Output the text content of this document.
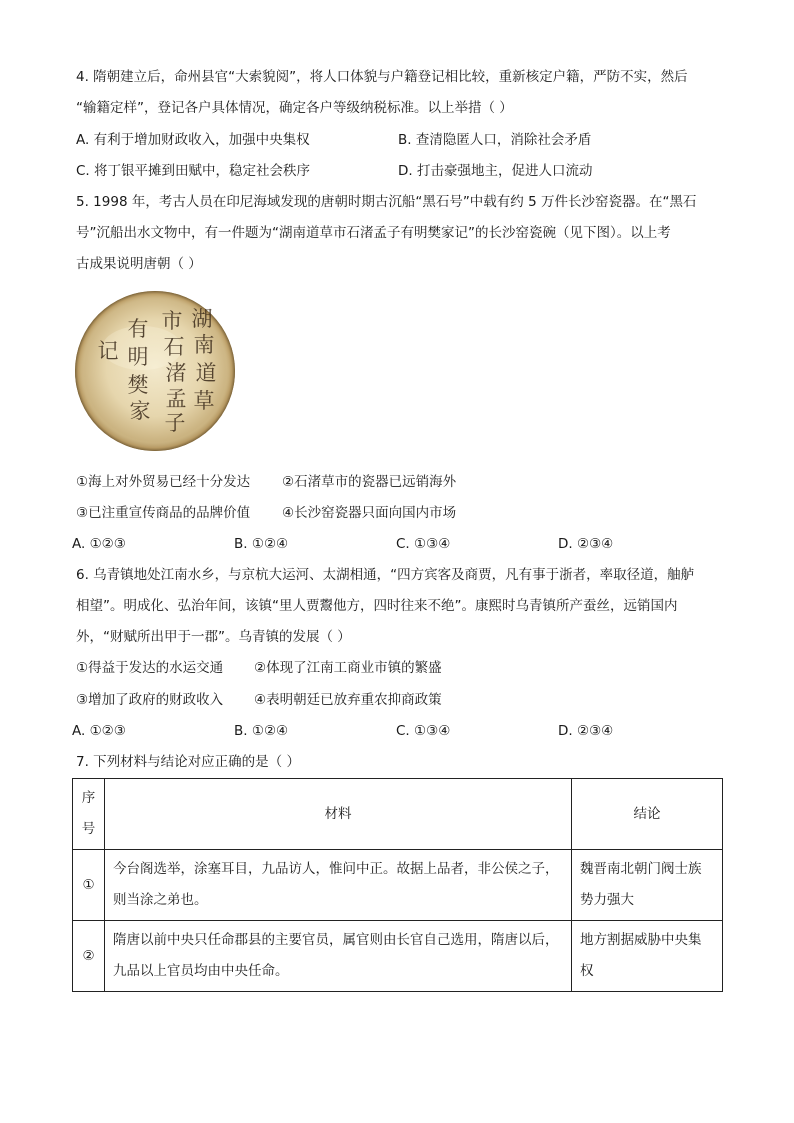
4. 隋朝建立后，命州县官“大索貌阅”，将人口体貌与户籍登记相比较，重新核定户籍，严防不实，然后
“输籍定样”，登记各户具体情况，确定各户等级纳税标准。以上举措（ ）
A. 有利于增加财政收入，加强中央集权	B. 查清隐匿人口，消除社会矛盾
C. 将丁银平摊到田赋中，稳定社会秩序	D. 打击豪强地主，促进人口流动
5. 1998 年，考古人员在印尼海域发现的唐朝时期古沉船“黑石号”中载有约 5 万件长沙窑瓷器。在“黑石
号”沉船出水文物中，有一件题为“湖南道草市石渚孟子有明樊家记”的长沙窑瓷碗（见下图）。以上考
古成果说明唐朝（ ）
湖
南
道
草
市
石
渚
孟
子
有
明
樊
家
记
①海上对外贸易已经十分发达 ②石渚草市的瓷器已远销海外
③已注重宣传商品的品牌价值 ④长沙窑瓷器只面向国内市场
A. ①②③	B. ①②④	C. ①③④	D. ②③④
6. 乌青镇地处江南水乡，与京杭大运河、太湖相通，“四方宾客及商贾，凡有事于浙者，率取径道，舳舻
相望”。明成化、弘治年间，该镇“里人贾鬻他方，四时往来不绝”。康熙时乌青镇所产蚕丝，远销国内
外，“财赋所出甲于一郡”。乌青镇的发展（ ）
①得益于发达的水运交通 ②体现了江南工商业市镇的繁盛
③增加了政府的财政收入 ④表明朝廷已放弃重农抑商政策
A. ①②③	B. ①②④	C. ①③④	D. ②③④
7. 下列材料与结论对应正确的是（ ）
序号	材料	结论
①	今台阁选举，涂塞耳目，九品访人，惟问中正。故据上品者，非公侯之子，则当涂之弟也。	魏晋南北朝门阀士族势力强大
②	隋唐以前中央只任命郡县的主要官员，属官则由长官自己选用，隋唐以后，九品以上官员均由中央任命。	地方割据威胁中央集权
